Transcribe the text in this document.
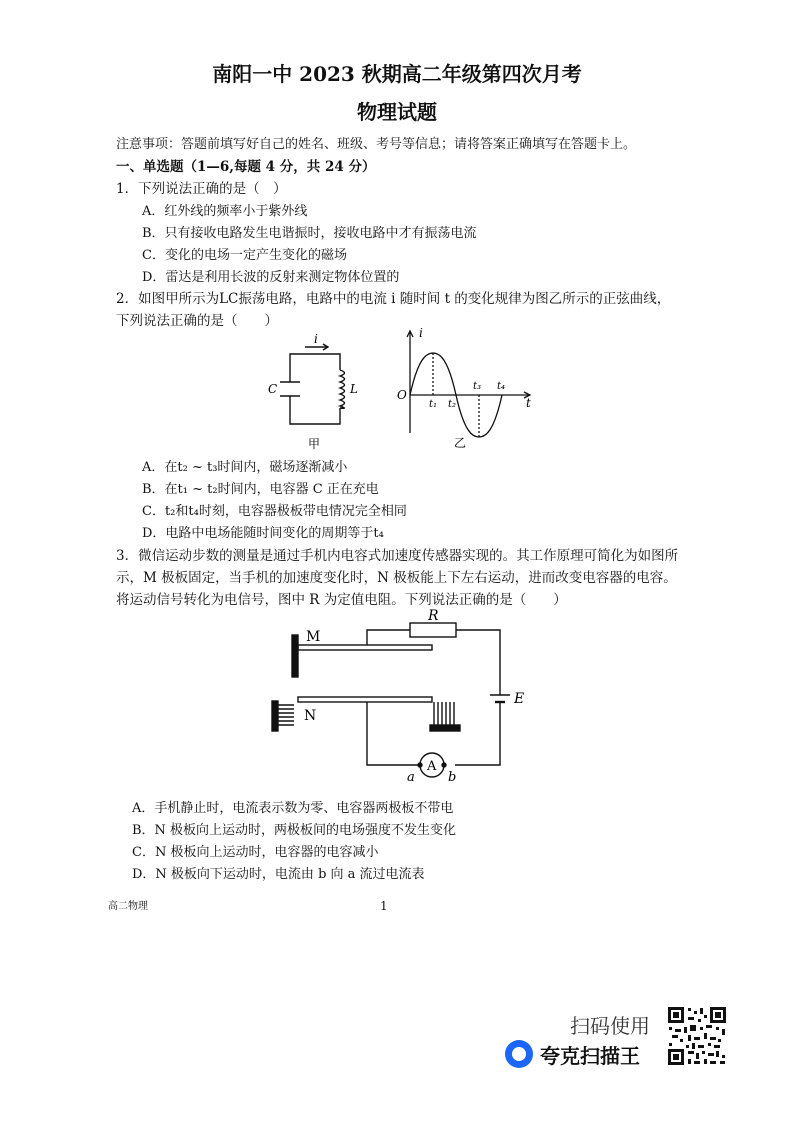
南阳一中 2023 秋期高二年级第四次月考
物理试题
注意事项：答题前填写好自己的姓名、班级、考号等信息；请将答案正确填写在答题卡上。
一、单选题（1—6,每题 4 分，共 24 分）
1．下列说法正确的是（　）
A．红外线的频率小于紫外线
B．只有接收电路发生电谐振时，接收电路中才有振荡电流
C．变化的电场一定产生变化的磁场
D．雷达是利用长波的反射来测定物体位置的
2．如图甲所示为LC振荡电路，电路中的电流 i 随时间 t 的变化规律为图乙所示的正弦曲线，
下列说法正确的是（　　）
i
C	L
甲
i
t
O
t₁ t₂
t₃ t₄
乙
A．在t₂ ~ t₃时间内，磁场逐渐减小
B．在t₁ ~ t₂时间内，电容器 C 正在充电
C．t₂和t₄时刻，电容器极板带电情况完全相同
D．电路中电场能随时间变化的周期等于t₄
3．微信运动步数的测量是通过手机内电容式加速度传感器实现的。其工作原理可简化为如图所
示，M 极板固定，当手机的加速度变化时，N 极板能上下左右运动，进而改变电容器的电容。
将运动信号转化为电信号，图中 R 为定值电阻。下列说法正确的是（　　）
M
N
R
E
A
a	b
A．手机静止时，电流表示数为零、电容器两极板不带电
B．N 极板向上运动时，两极板间的电场强度不发生变化
C．N 极板向上运动时，电容器的电容减小
D．N 极板向下运动时，电流由 b 向 a 流过电流表
高二物理	1
扫码使用
夸克扫描王
